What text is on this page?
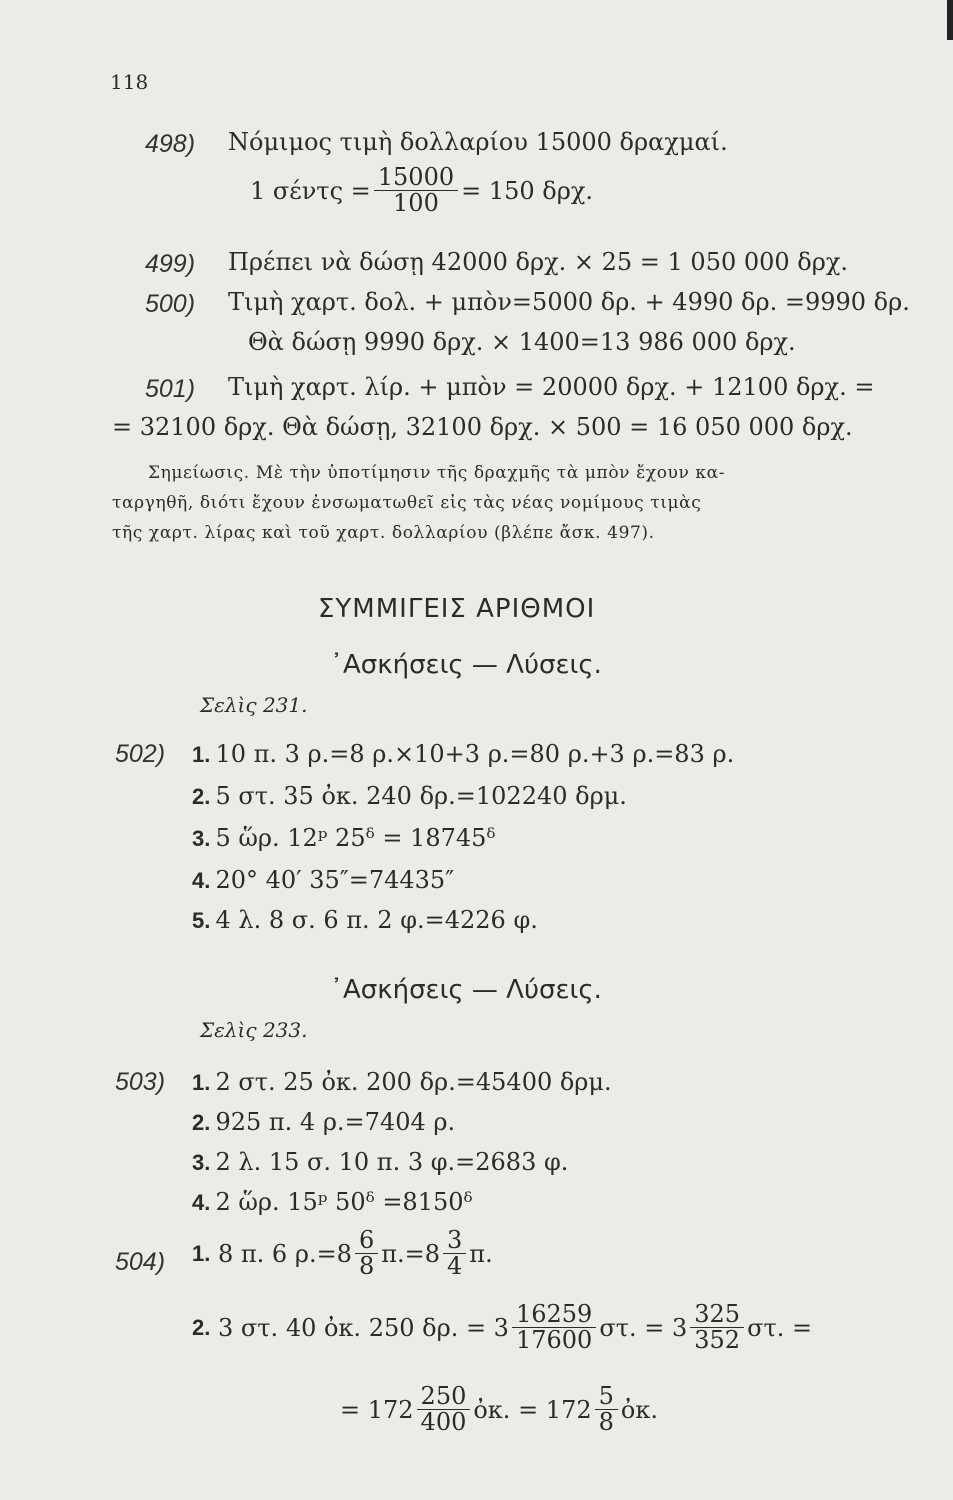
118
498) Νόμιμος τιμὴ δολλαρίου 15000 δραχμαί.
1 $\sigma έ\nu\tau\varsigma = \frac{15000}{100} = 150$ δρχ.
499) Πρέπει νὰ δώσῃ 42000 δρχ. × 25 = 1 050 000 δρχ.
500) Τιμὴ χαρτ. δολ. + μπὸν=5000 δρ. + 4990 δρ. =9990 δρ.
Θὰ δώσῃ 9990 δρχ. × 1400=13 986 000 δρχ.
501) Τιμὴ χαρτ. λίρ. + μπὸν = 20000 δρχ. + 12100 δρχ. =
= 32100 δρχ. Θὰ δώσῃ, 32100 δρχ. × 500 = 16 050 000 δρχ.
Σημείωσις. Μὲ τὴν ὑποτίμησιν τῆς δραχμῆς τὰ μπὸν ἔχουν κα-
ταργηθῆ, διότι ἔχουν ἐνσωματωθεῖ εἰς τὰς νέας νομίμους τιμὰς
τῆς χαρτ. λίρας καὶ τοῦ χαρτ. δολλαρίου (βλέπε ἄσκ. 497).
ΣΥΜΜΙΓΕΙΣ ΑΡΙΘΜΟΙ
᾿Ασκήσεις — Λύσεις.
Σελὶς 231.
502) 1. 10 π. 3 ρ.=8 ρ.×10+3 ρ.=80 ρ.+3 ρ.=83 ρ.
2. 5 στ. 35 ὀκ. 240 δρ.=102240 δρμ.
3. 5 ὥρ. 12ᵖ 25ᵟ = 18745ᵟ
4. 20° 40′ 35″=74435″
5. 4 λ. 8 σ. 6 π. 2 φ.=4226 φ.
᾿Ασκήσεις — Λύσεις.
Σελὶς 233.
503) 1. 2 στ. 25 ὀκ. 200 δρ.=45400 δρμ.
2. 925 π. 4 ρ.=7404 ρ.
3. 2 λ. 15 σ. 10 π. 3 φ.=2683 φ.
4. 2 ὥρ. 15ᵖ 50ᵟ =8150ᵟ
504) 1.
8 π. 6 $\rho.=8 \frac{6}{8} \pi.=8 \frac{3}{4} \pi$.
2.
3 στ. 40 ὀκ. 250 δρ. = $3 \frac{16259}{17600} \sigma\tau$. = $3 \frac{325}{352} \sigma\tau$. =
= $172 \frac{250}{400}$ ὀκ. = $172 \frac{5}{8}$ ὀκ.
